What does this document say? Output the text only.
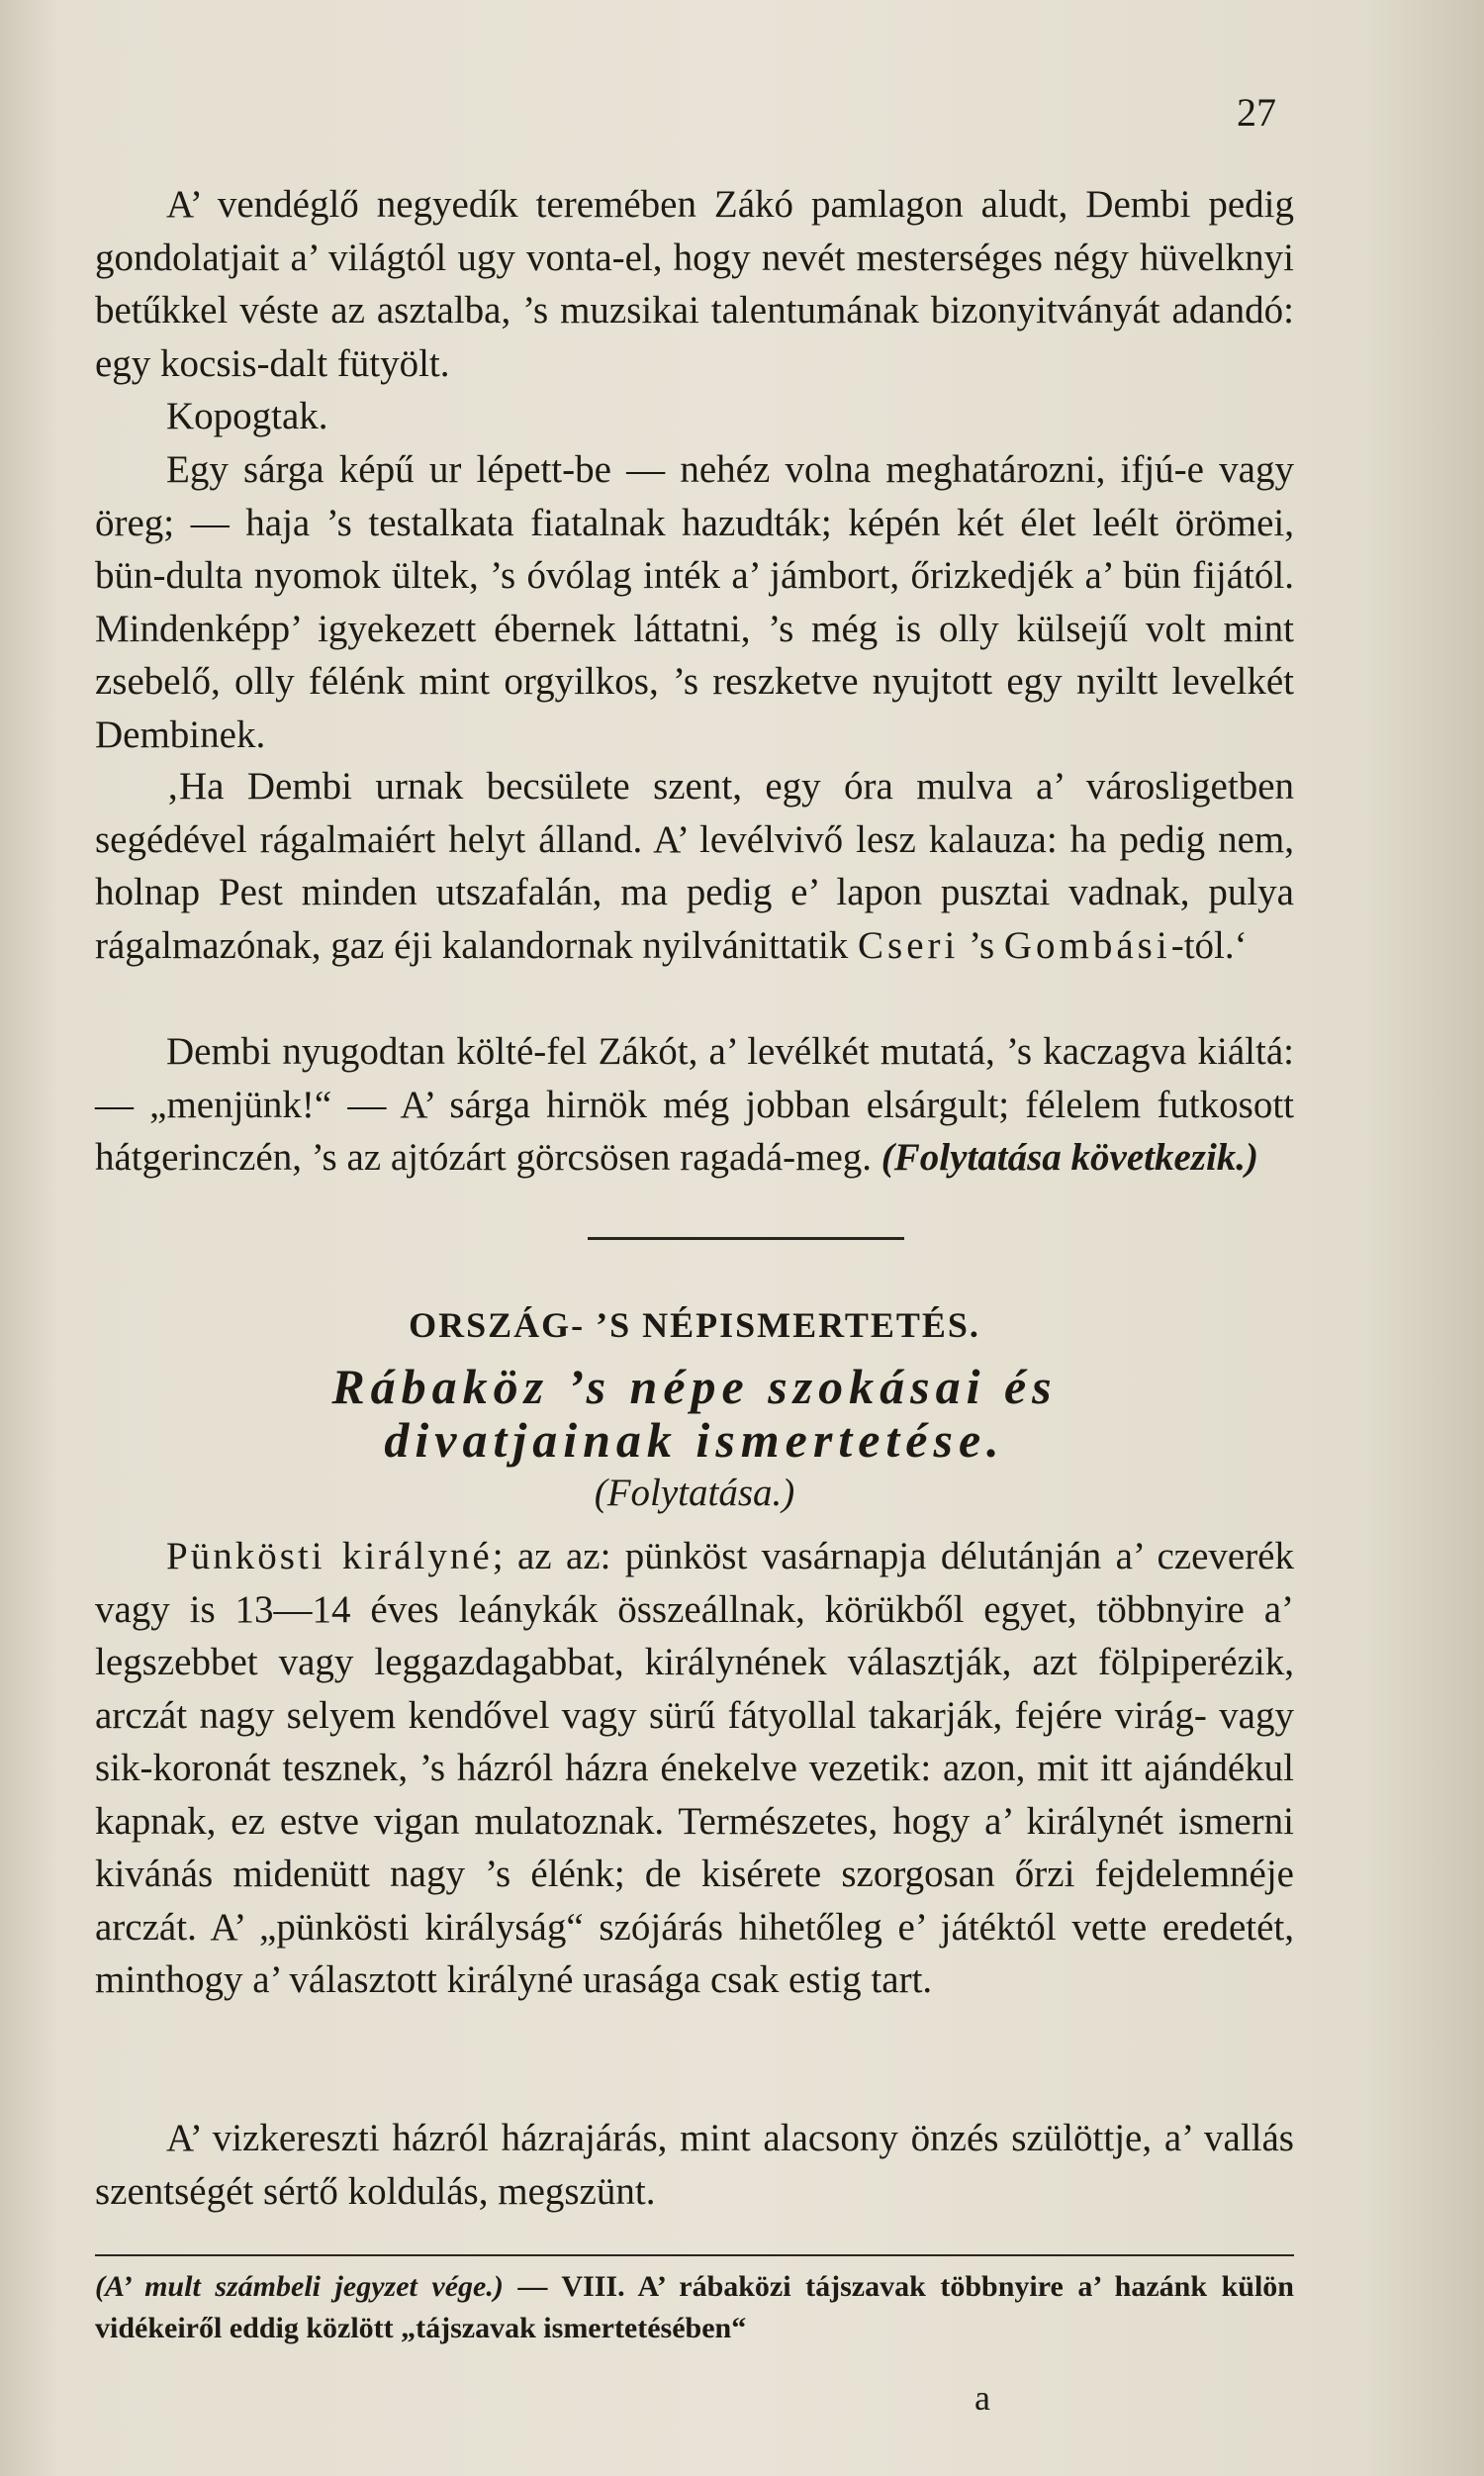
27

A’ vendéglő negyedík teremében Zákó pamlagon aludt, Dembi pedig gondolatjait a’ világtól ugy vonta-el, hogy nevét mesterséges négy hüvelknyi betűkkel véste az asztalba, ’s muzsikai talentumának bizonyitványát adandó: egy kocsis-dalt fütyölt.

Kopogtak.

Egy sárga képű ur lépett-be — nehéz volna meghatározni, ifjú-e vagy öreg; — haja ’s testalkata fiatalnak hazudták; képén két élet leélt örömei, bün-dulta nyomok ültek, ’s óvólag inték a’ jámbort, őrizkedjék a’ bün fijától. Mindenképp’ igyekezett ébernek láttatni, ’s még is olly külsejű volt mint zsebelő, olly félénk mint orgyilkos, ’s reszketve nyujtott egy nyiltt levelkét Dembinek.

‚Ha Dembi urnak becsülete szent, egy óra mulva a’ városligetben segédével rágalmaiért helyt álland. A’ levélvivő lesz kalauza: ha pedig nem, holnap Pest minden utszafalán, ma pedig e’ lapon pusztai vadnak, pulya rágalmazónak, gaz éji kalandornak nyilvánittatik Cseri ’s Gombási-tól.‘

Dembi nyugodtan költé-fel Zákót, a’ levélkét mutatá, ’s kaczagva kiáltá: — „menjünk!“ — A’ sárga hirnök még jobban elsárgult; félelem futkosott hátgerinczén, ’s az ajtózárt görcsösen ragadá-meg. (Folytatása következik.)

ORSZÁG- ’S NÉPISMERTETÉS.
Rábaköz ’s népe szokásai és
divatjainak ismertetése.
(Folytatása.)

Pünkösti királyné; az az: pünköst vasárnapja délutánján a’ czeverék vagy is 13—14 éves leánykák összeállnak, körükből egyet, többnyire a’ legszebbet vagy leggazdagabbat, királynének választják, azt fölpiperézik, arczát nagy selyem kendővel vagy sürű fátyollal takarják, fejére virág- vagy sik-koronát tesznek, ’s házról házra énekelve vezetik: azon, mit itt ajándékul kapnak, ez estve vigan mulatoznak. Természetes, hogy a’ királynét ismerni kivánás midenütt nagy ’s élénk; de kisérete szorgosan őrzi fejdelemnéje arczát. A’ „pünkösti királyság“ szójárás hihetőleg e’ játéktól vette eredetét, minthogy a’ választott királyné urasága csak estig tart.

A’ vizkereszti házról házrajárás, mint alacsony önzés szülöttje, a’ vallás szentségét sértő koldulás, megszünt.

(A’ mult számbeli jegyzet vége.) — VIII. A’ rábaközi tájszavak többnyire a’ hazánk külön vidékeiről eddig közlött „tájszavak ismertetésében“

a
